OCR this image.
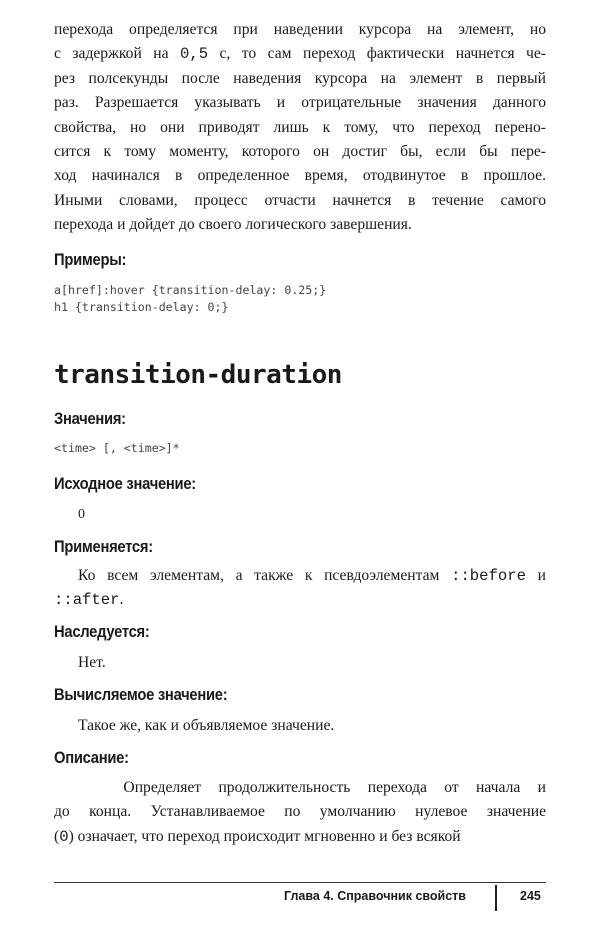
перехода определяется при наведении курсора на элемент, но
с задержкой на 0,5 с, то сам переход фактически начнется че-
рез полсекунды после наведения курсора на элемент в первый
раз. Разрешается указывать и отрицательные значения данного
свойства, но они приводят лишь к тому, что переход перено-
сится к тому моменту, которого он достиг бы, если бы пере-
ход начинался в определенное время, отодвинутое в прошлое.
Иными словами, процесс отчасти начнется в течение самого
перехода и дойдет до своего логического завершения.
Примеры:
a[href]:hover {transition-delay: 0.25;}
h1 {transition-delay: 0;}
transition-duration
Значения:
<time> [, <time>]*
Исходное значение:
0
Применяется:
Ко всем элементам, а также к псевдоэлементам ::before и
::after.
Наследуется:
Нет.
Вычисляемое значение:
Такое же, как и объявляемое значение.
Описание:
Определяет продолжительность перехода от начала и
до конца. Устанавливаемое по умолчанию нулевое значение
(0) означает, что переход происходит мгновенно и без всякой
Глава 4. Справочник свойств	245
